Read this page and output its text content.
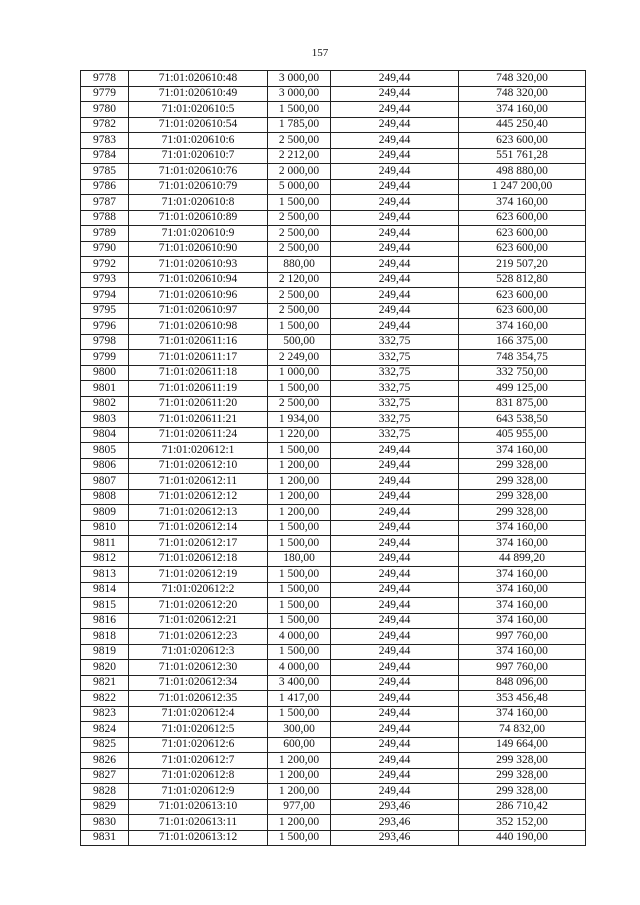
157
9778	71:01:020610:48	3 000,00	249,44	748 320,00
9779	71:01:020610:49	3 000,00	249,44	748 320,00
9780	71:01:020610:5	1 500,00	249,44	374 160,00
9782	71:01:020610:54	1 785,00	249,44	445 250,40
9783	71:01:020610:6	2 500,00	249,44	623 600,00
9784	71:01:020610:7	2 212,00	249,44	551 761,28
9785	71:01:020610:76	2 000,00	249,44	498 880,00
9786	71:01:020610:79	5 000,00	249,44	1 247 200,00
9787	71:01:020610:8	1 500,00	249,44	374 160,00
9788	71:01:020610:89	2 500,00	249,44	623 600,00
9789	71:01:020610:9	2 500,00	249,44	623 600,00
9790	71:01:020610:90	2 500,00	249,44	623 600,00
9792	71:01:020610:93	880,00	249,44	219 507,20
9793	71:01:020610:94	2 120,00	249,44	528 812,80
9794	71:01:020610:96	2 500,00	249,44	623 600,00
9795	71:01:020610:97	2 500,00	249,44	623 600,00
9796	71:01:020610:98	1 500,00	249,44	374 160,00
9798	71:01:020611:16	500,00	332,75	166 375,00
9799	71:01:020611:17	2 249,00	332,75	748 354,75
9800	71:01:020611:18	1 000,00	332,75	332 750,00
9801	71:01:020611:19	1 500,00	332,75	499 125,00
9802	71:01:020611:20	2 500,00	332,75	831 875,00
9803	71:01:020611:21	1 934,00	332,75	643 538,50
9804	71:01:020611:24	1 220,00	332,75	405 955,00
9805	71:01:020612:1	1 500,00	249,44	374 160,00
9806	71:01:020612:10	1 200,00	249,44	299 328,00
9807	71:01:020612:11	1 200,00	249,44	299 328,00
9808	71:01:020612:12	1 200,00	249,44	299 328,00
9809	71:01:020612:13	1 200,00	249,44	299 328,00
9810	71:01:020612:14	1 500,00	249,44	374 160,00
9811	71:01:020612:17	1 500,00	249,44	374 160,00
9812	71:01:020612:18	180,00	249,44	44 899,20
9813	71:01:020612:19	1 500,00	249,44	374 160,00
9814	71:01:020612:2	1 500,00	249,44	374 160,00
9815	71:01:020612:20	1 500,00	249,44	374 160,00
9816	71:01:020612:21	1 500,00	249,44	374 160,00
9818	71:01:020612:23	4 000,00	249,44	997 760,00
9819	71:01:020612:3	1 500,00	249,44	374 160,00
9820	71:01:020612:30	4 000,00	249,44	997 760,00
9821	71:01:020612:34	3 400,00	249,44	848 096,00
9822	71:01:020612:35	1 417,00	249,44	353 456,48
9823	71:01:020612:4	1 500,00	249,44	374 160,00
9824	71:01:020612:5	300,00	249,44	74 832,00
9825	71:01:020612:6	600,00	249,44	149 664,00
9826	71:01:020612:7	1 200,00	249,44	299 328,00
9827	71:01:020612:8	1 200,00	249,44	299 328,00
9828	71:01:020612:9	1 200,00	249,44	299 328,00
9829	71:01:020613:10	977,00	293,46	286 710,42
9830	71:01:020613:11	1 200,00	293,46	352 152,00
9831	71:01:020613:12	1 500,00	293,46	440 190,00
